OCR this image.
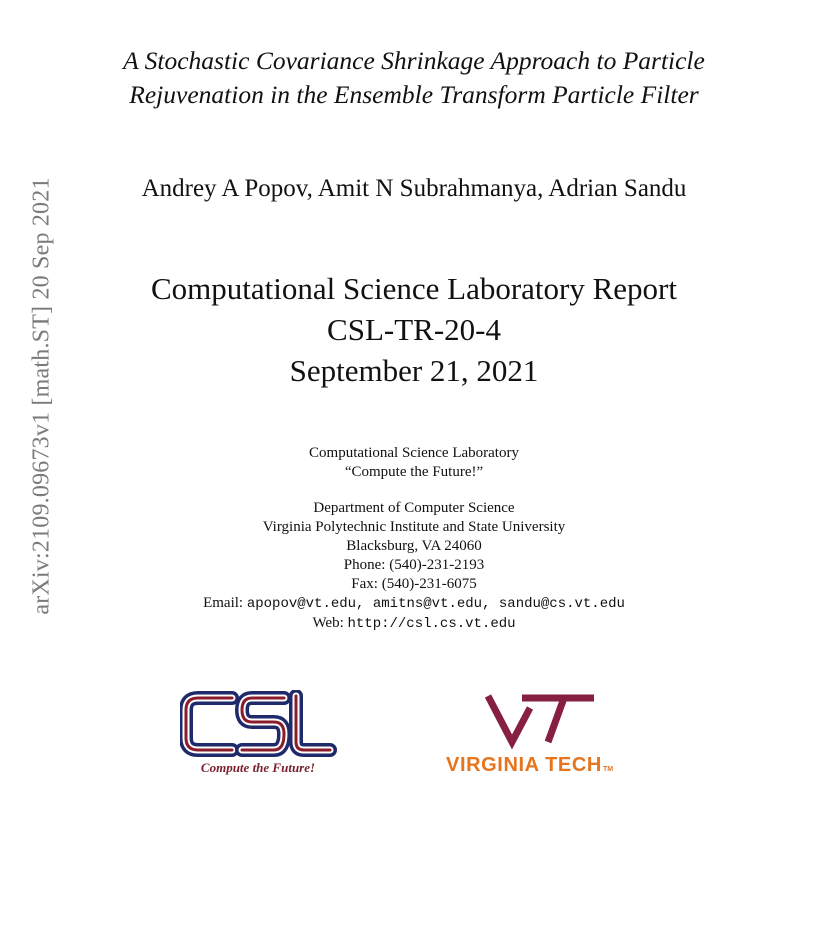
arXiv:2109.09673v1 [math.ST] 20 Sep 2021
A Stochastic Covariance Shrinkage Approach to Particle
Rejuvenation in the Ensemble Transform Particle Filter
Andrey A Popov, Amit N Subrahmanya, Adrian Sandu
Computational Science Laboratory Report
CSL-TR-20-4
September 21, 2021
Computational Science Laboratory
“Compute the Future!”
Department of Computer Science
Virginia Polytechnic Institute and State University
Blacksburg, VA 24060
Phone: (540)-231-2193
Fax: (540)-231-6075
Email: apopov@vt.edu, amitns@vt.edu, sandu@cs.vt.edu
Web: http://csl.cs.vt.edu
Compute the Future!	VIRGINIA TECHTM
